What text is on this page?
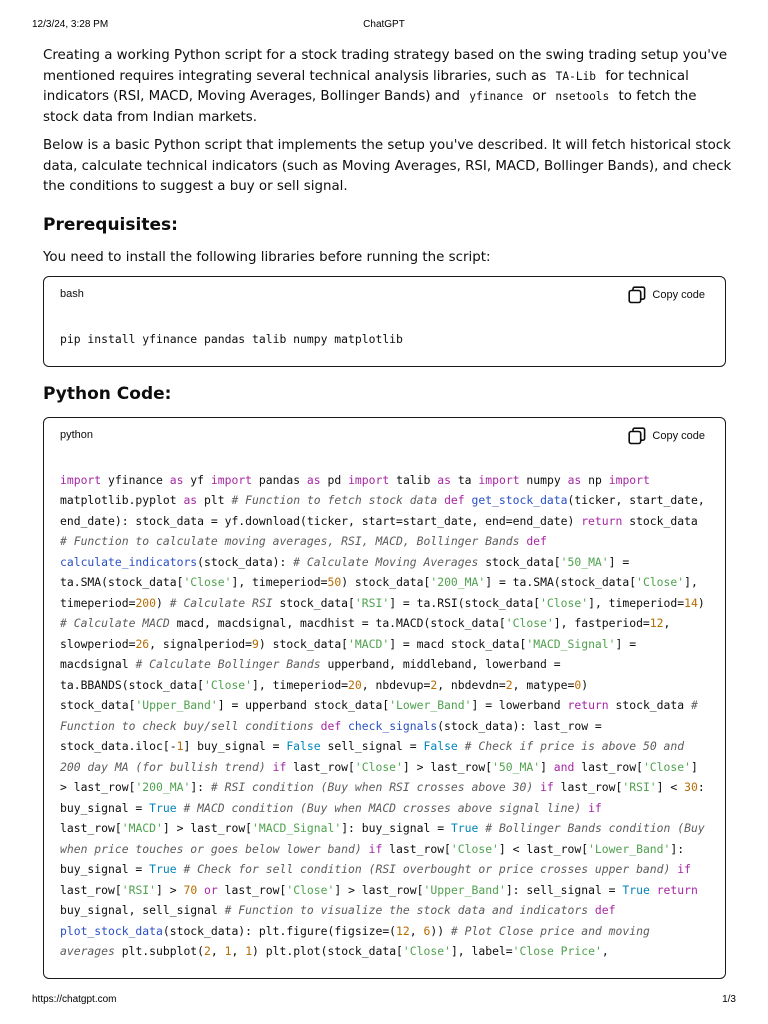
12/3/24, 3:28 PM	ChatGPT

Creating a working Python script for a stock trading strategy based on the swing trading setup you've mentioned requires integrating several technical analysis libraries, such as TA-Lib for technical indicators (RSI, MACD, Moving Averages, Bollinger Bands) and yfinance or nsetools to fetch the stock data from Indian markets.

Below is a basic Python script that implements the setup you've described. It will fetch historical stock data, calculate technical indicators (such as Moving Averages, RSI, MACD, Bollinger Bands), and check the conditions to suggest a buy or sell signal.

Prerequisites:

You need to install the following libraries before running the script:

bash	Copy code
pip install yfinance pandas talib numpy matplotlib
Python Code:
python	Copy code
import yfinance as yf import pandas as pd import talib as ta import numpy as np import matplotlib.pyplot as plt # Function to fetch stock data def get_stock_data(ticker, start_date, end_date): stock_data = yf.download(ticker, start=start_date, end=end_date) return stock_data # Function to calculate moving averages, RSI, MACD, Bollinger Bands def calculate_indicators(stock_data): # Calculate Moving Averages stock_data['50_MA'] = ta.SMA(stock_data['Close'], timeperiod=50) stock_data['200_MA'] = ta.SMA(stock_data['Close'], timeperiod=200) # Calculate RSI stock_data['RSI'] = ta.RSI(stock_data['Close'], timeperiod=14) # Calculate MACD macd, macdsignal, macdhist = ta.MACD(stock_data['Close'], fastperiod=12, slowperiod=26, signalperiod=9) stock_data['MACD'] = macd stock_data['MACD_Signal'] = macdsignal # Calculate Bollinger Bands upperband, middleband, lowerband = ta.BBANDS(stock_data['Close'], timeperiod=20, nbdevup=2, nbdevdn=2, matype=0) stock_data['Upper_Band'] = upperband stock_data['Lower_Band'] = lowerband return stock_data # Function to check buy/sell conditions def check_signals(stock_data): last_row = stock_data.iloc[-1] buy_signal = False sell_signal = False # Check if price is above 50 and 200 day MA (for bullish trend) if last_row['Close'] > last_row['50_MA'] and last_row['Close'] > last_row['200_MA']: # RSI condition (Buy when RSI crosses above 30) if last_row['RSI'] < 30: buy_signal = True # MACD condition (Buy when MACD crosses above signal line) if last_row['MACD'] > last_row['MACD_Signal']: buy_signal = True # Bollinger Bands condition (Buy when price touches or goes below lower band) if last_row['Close'] < last_row['Lower_Band']: buy_signal = True # Check for sell condition (RSI overbought or price crosses upper band) if last_row['RSI'] > 70 or last_row['Close'] > last_row['Upper_Band']: sell_signal = True return buy_signal, sell_signal # Function to visualize the stock data and indicators def plot_stock_data(stock_data): plt.figure(figsize=(12, 6)) # Plot Close price and moving averages plt.subplot(2, 1, 1) plt.plot(stock_data['Close'], label='Close Price',
https://chatgpt.com	1/3
